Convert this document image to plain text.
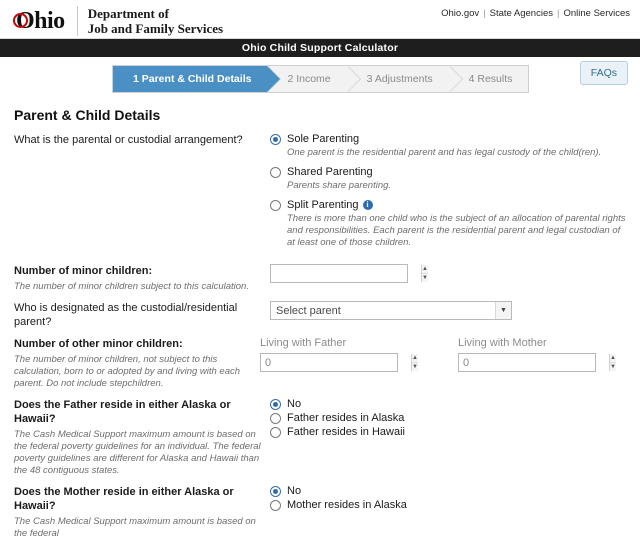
Ohio Department of
Job and Family Services
Ohio.gov | State Agencies | Online Services
Ohio Child Support Calculator
1 Parent & Child Details	2 Income	3 Adjustments	4 Results	FAQs
Parent & Child Details
What is the parental or custodial arrangement?	Sole Parenting
One parent is the residential parent and has legal custody of the child(ren).
Shared Parenting
Parents share parenting.
Split Parenting i
There is more than one child who is the subject of an allocation of parental rights and responsibilities. Each parent is the residential parent and legal custodian of at least one of those children.
Number of minor children:
The number of minor children subject to this calculation.
▲
▼
Who is designated as the custodial/residential parent?
Select parent	▼
Number of other minor children:
The number of minor children, not subject to this calculation, born to or adopted by and living with each parent. Do not include stepchildren.
Living with Father
0
▲
▼
Living with Mother
0
▲
▼
Does the Father reside in either Alaska or Hawaii?
The Cash Medical Support maximum amount is based on the federal poverty guidelines for an individual. The federal poverty guidelines are different for Alaska and Hawaii than the 48 contiguous states.
No
Father resides in Alaska
Father resides in Hawaii
Does the Mother reside in either Alaska or Hawaii?
The Cash Medical Support maximum amount is based on the federal
No
Mother resides in Alaska
